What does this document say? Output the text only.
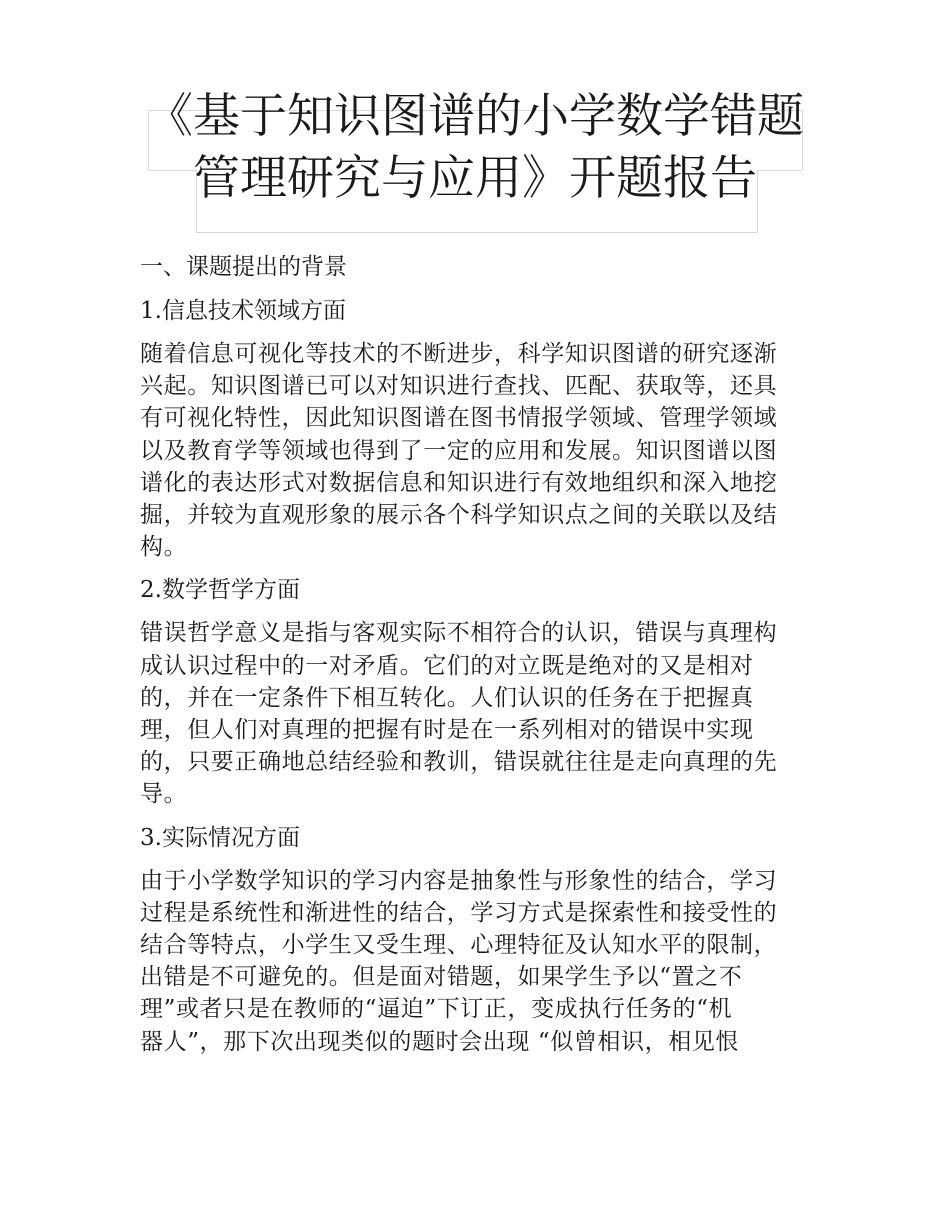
《基于知识图谱的小学数学错题
管理研究与应用》开题报告
一、课题提出的背景
1.信息技术领域方面
随着信息可视化等技术的不断进步，科学知识图谱的研究逐渐
兴起。知识图谱已可以对知识进行查找、匹配、获取等，还具
有可视化特性，因此知识图谱在图书情报学领域、管理学领域
以及教育学等领域也得到了一定的应用和发展。知识图谱以图
谱化的表达形式对数据信息和知识进行有效地组织和深入地挖
掘，并较为直观形象的展示各个科学知识点之间的关联以及结
构。
2.数学哲学方面
错误哲学意义是指与客观实际不相符合的认识，错误与真理构
成认识过程中的一对矛盾。它们的对立既是绝对的又是相对
的，并在一定条件下相互转化。人们认识的任务在于把握真
理，但人们对真理的把握有时是在一系列相对的错误中实现
的，只要正确地总结经验和教训，错误就往往是走向真理的先
导。
3.实际情况方面
由于小学数学知识的学习内容是抽象性与形象性的结合，学习
过程是系统性和渐进性的结合，学习方式是探索性和接受性的
结合等特点，小学生又受生理、心理特征及认知水平的限制，
出错是不可避免的。但是面对错题，如果学生予以“置之不
理”或者只是在教师的“逼迫”下订正，变成执行任务的“机
器人”，那下次出现类似的题时会出现 “似曾相识，相见恨
